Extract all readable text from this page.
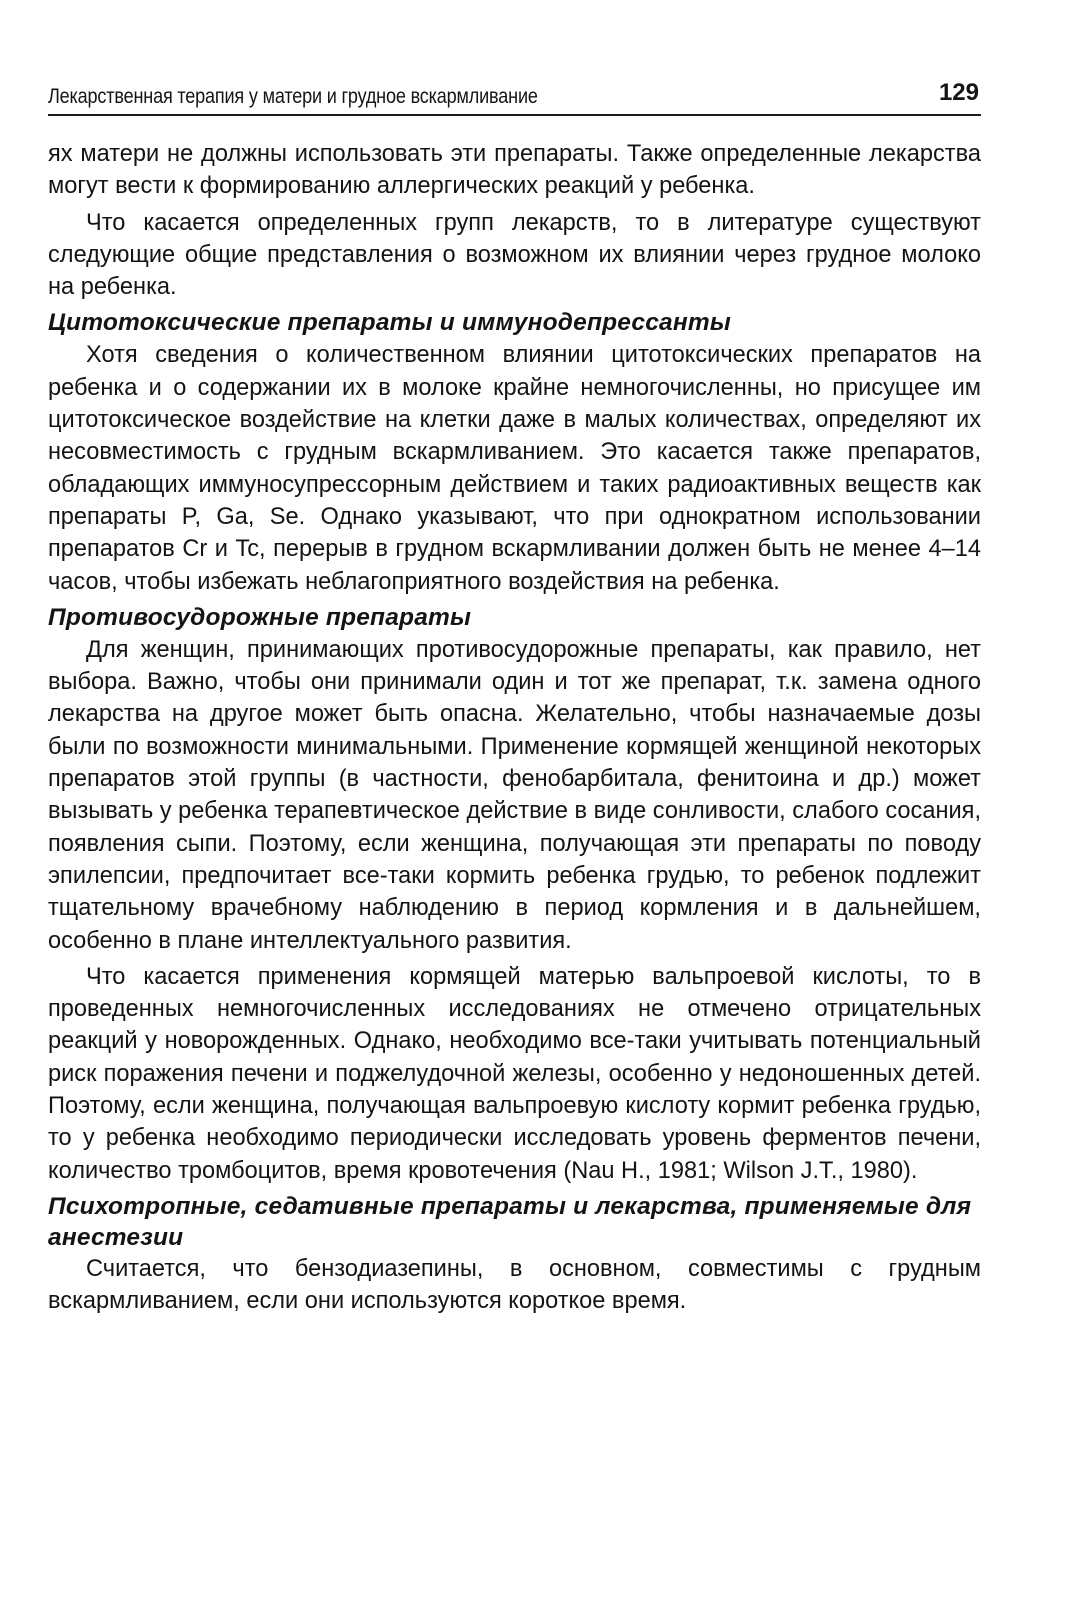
Лекарственная терапия у матери и грудное вскармливание	129

ях матери не должны использовать эти препараты. Также определенные лекарства могут вести к формированию аллергических реакций у ребенка.

Что касается определенных групп лекарств, то в литературе существуют следующие общие представления о возможном их влиянии через грудное молоко на ребенка.

Цитотоксические препараты и иммунодепрессанты

Хотя сведения о количественном влиянии цитотоксических препаратов на ребенка и о содержании их в молоке крайне немногочисленны, но присущее им цитотоксическое воздействие на клетки даже в малых количествах, определяют их несовместимость с грудным вскармливанием. Это касается также препаратов, обладающих иммуносупрессорным действием и таких радиоактивных веществ как препараты P, Ga, Se. Однако указывают, что при однократном использовании препаратов Cr и Tc, перерыв в грудном вскармливании должен быть не менее 4–14 часов, чтобы избежать неблагоприятного воздействия на ребенка.

Противосудорожные препараты

Для женщин, принимающих противосудорожные препараты, как правило, нет выбора. Важно, чтобы они принимали один и тот же препарат, т.к. замена одного лекарства на другое может быть опасна. Желательно, чтобы назначаемые дозы были по возможности минимальными. Применение кормящей женщиной некоторых препаратов этой группы (в частности, фенобарбитала, фенитоина и др.) может вызывать у ребенка терапевтическое действие в виде сонливости, слабого сосания, появления сыпи. Поэтому, если женщина, получающая эти препараты по поводу эпилепсии, предпочитает все-таки кормить ребенка грудью, то ребенок подлежит тщательному врачебному наблюдению в период кормления и в дальнейшем, особенно в плане интеллектуального развития.

Что касается применения кормящей матерью вальпроевой кислоты, то в проведенных немногочисленных исследованиях не отмечено отрицательных реакций у новорожденных. Однако, необходимо все-таки учитывать потенциальный риск поражения печени и поджелудочной железы, особенно у недоношенных детей. Поэтому, если женщина, получающая вальпроевую кислоту кормит ребенка грудью, то у ребенка необходимо периодически исследовать уровень ферментов печени, количество тромбоцитов, время кровотечения (Nau H., 1981; Wilson J.T., 1980).

Психотропные, седативные препараты и лекарства, применяемые для анестезии

Считается, что бензодиазепины, в основном, совместимы с грудным вскармливанием, если они используются короткое время.
